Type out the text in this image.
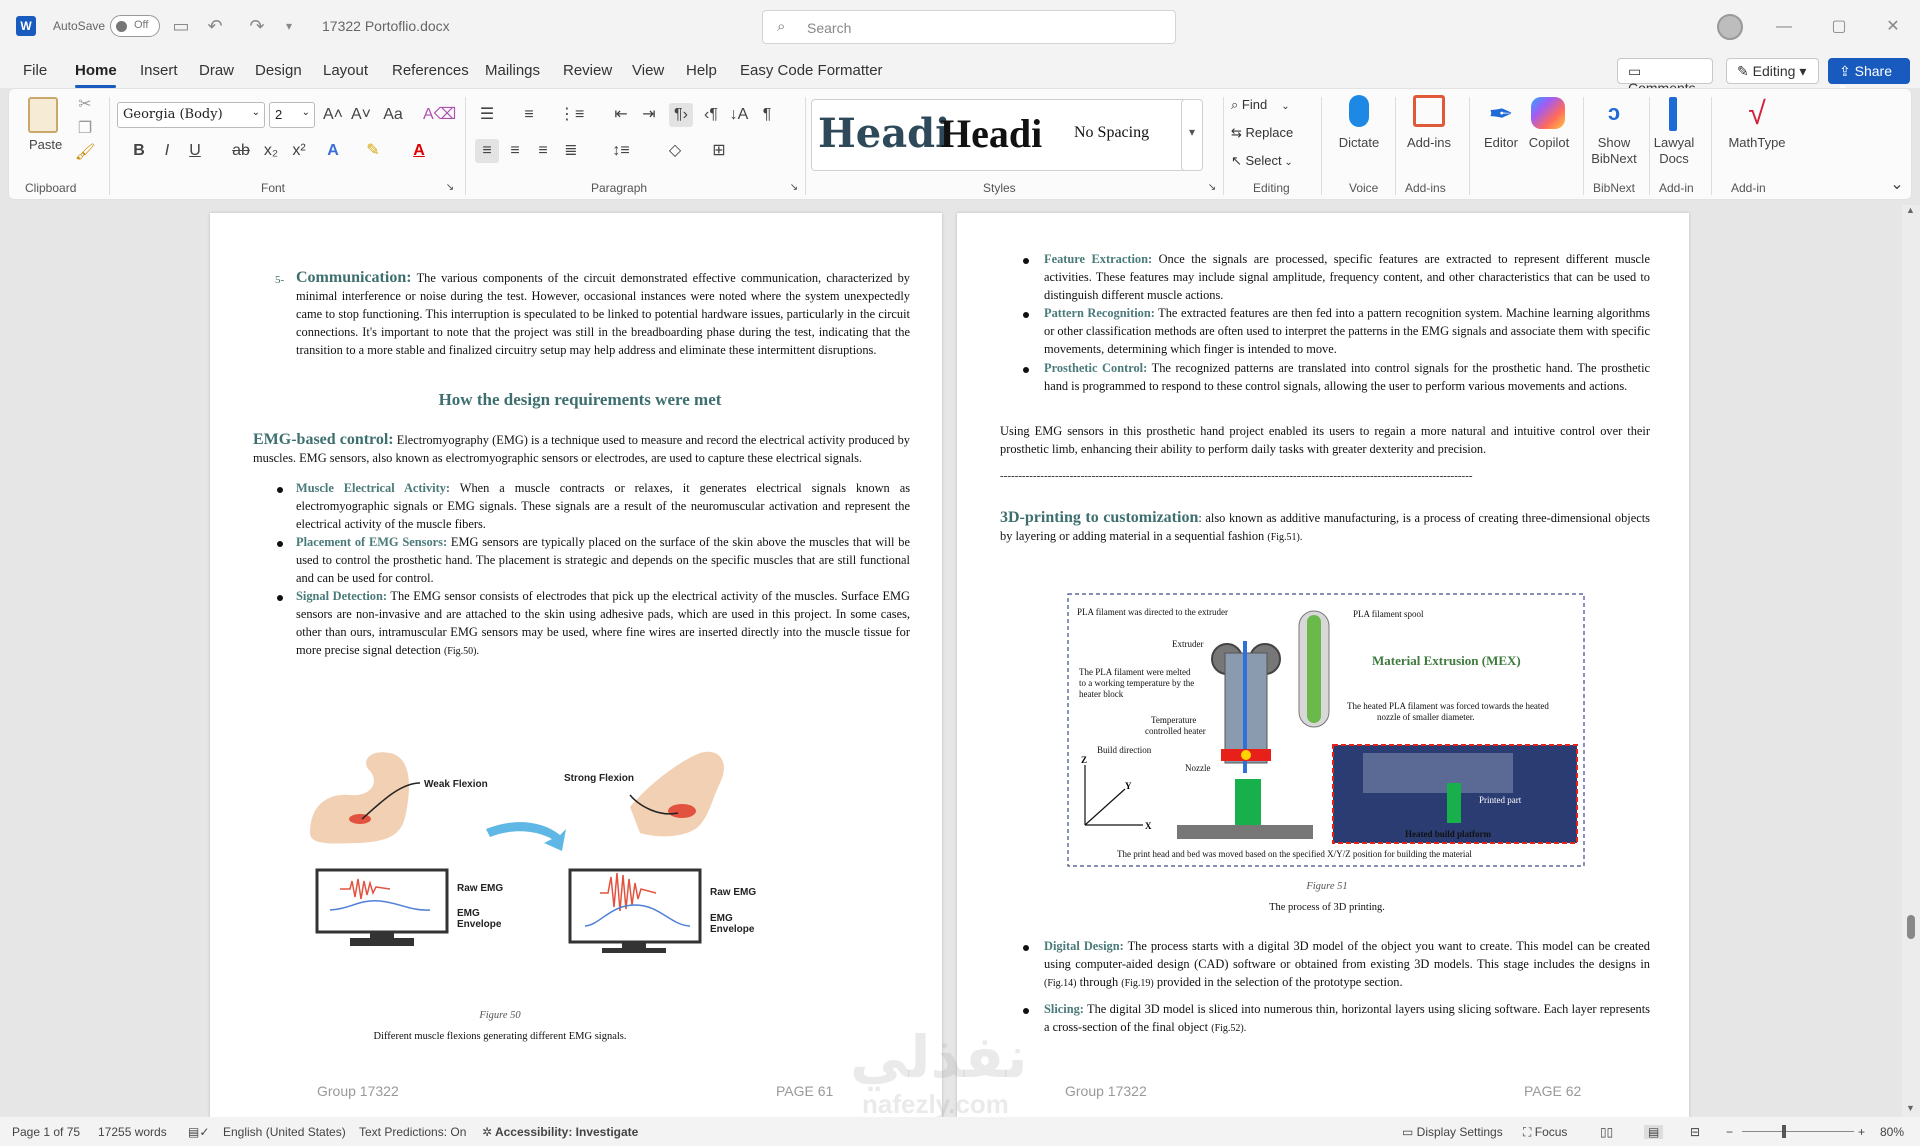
W	AutoSave	Off ▭ ↶ ↷	▾	17322 Portoflio.docx	⌕ Search	—	▢	✕
File Home Insert Draw Design Layout References Mailings Review View Help Easy Code Formatter	▭	✎ Editing ▾	⇪ Share
Paste
✂
❐
🖌
Clipboard
Georgia (Body)	⌄	2 ⌄ A˄ A˅ Aa A⌫
B	I	U	ab x₂ x²	A	✎	A
Font	↘
☰	≡	⋮≡	⇤ ⇥	¶›	‹¶ ↓A ¶
≡	≡	≡	≣	↕≡	◇	⊞
Paragraph	↘
Headi
Headi No Spacing	▾
Styles	↘
⌕ Find ⌄
⇆ Replace
↖ Select ⌄
Editing
Dictate
Voice
Add-ins
Add-ins
✒
Editor Copilot
ↄ
Show
BibNext
BibNext
Lawyal
Docs
Add-in
√
MathType
Add-in	⌄
5- Communication: The various components of the circuit demonstrated effective communication, characterized by minimal interference or noise during the test. However, occasional instances were noted where the system unexpectedly came to stop functioning. This interruption is speculated to be linked to potential hardware issues, particularly in the circuit connections. It's important to note that the project was still in the breadboarding phase during the test, indicating that the transition to a more stable and finalized circuitry setup may help address and eliminate these intermittent disruptions.
How the design requirements were met
EMG-based control: Electromyography (EMG) is a technique used to measure and record the electrical activity produced by muscles. EMG sensors, also known as electromyographic sensors or electrodes, are used to capture these electrical signals.
Muscle Electrical Activity: When a muscle contracts or relaxes, it generates electrical signals known as electromyographic signals or EMG signals. These signals are a result of the neuromuscular activation and represent the electrical activity of the muscle fibers.
Placement of EMG Sensors: EMG sensors are typically placed on the surface of the skin above the muscles that will be used to control the prosthetic hand. The placement is strategic and depends on the specific muscles that are still functional and can be used for control.
Signal Detection: The EMG sensor consists of electrodes that pick up the electrical activity of the muscles. Surface EMG sensors are non-invasive and are attached to the skin using adhesive pads, which are used in this project. In some cases, other than ours, intramuscular EMG sensors may be used, where fine wires are inserted directly into the muscle tissue for more precise signal detection (Fig.50).
Weak Flexion
Strong Flexion
Raw EMG
EMG
Envelope
Raw EMG
EMG
Envelope
Figure 50
Different muscle flexions generating different EMG signals.
Group 17322	PAGE 61
Feature Extraction: Once the signals are processed, specific features are extracted to represent different muscle activities. These features may include signal amplitude, frequency content, and other characteristics that can be used to distinguish different muscle actions.
Pattern Recognition: The extracted features are then fed into a pattern recognition system. Machine learning algorithms or other classification methods are often used to interpret the patterns in the EMG signals and associate them with specific movements, determining which finger is intended to move.
Prosthetic Control: The recognized patterns are translated into control signals for the prosthetic hand. The prosthetic hand is programmed to respond to these control signals, allowing the user to perform various movements and actions.
Using EMG sensors in this prosthetic hand project enabled its users to regain a more natural and intuitive control over their prosthetic limb, enhancing their ability to perform daily tasks with greater dexterity and precision.
---------------------------------------------------------------------------------------------------------------------------------
3D-printing to customization: also known as additive manufacturing, is a process of creating three-dimensional objects by layering or adding material in a sequential fashion (Fig.51).
PLA filament was directed to the extruder	PLA filament spool
Extruder
The PLA filament were melted
to a working temperature by the
heater block
Material Extrusion (MEX)
The heated PLA filament was forced towards the heated
nozzle of smaller diameter.
Temperature
controlled heater
Build direction
Nozzle
Z
Y
X
Printed part
Heated build platform
The print head and bed was moved based on the specified X/Y/Z position for building the material
Figure 51
The process of 3D printing.
Digital Design: The process starts with a digital 3D model of the object you want to create. This model can be created using computer-aided design (CAD) software or obtained from existing 3D models. This stage includes the designs in (Fig.14) through (Fig.19) provided in the selection of the prototype section.
Slicing: The digital 3D model is sliced into numerous thin, horizontal layers using slicing software. Each layer represents a cross-section of the final object (Fig.52).
Group 17322	PAGE 62
نفذلي
nafezly.com
▲
▼
Page 1 of 75 17255 words ▤✓ English (United States) Text Predictions: On ✲ Accessibility: Investigate	▭ Display Settings ⛶ Focus	▯▯	▤	⊟ −	+ 80%
